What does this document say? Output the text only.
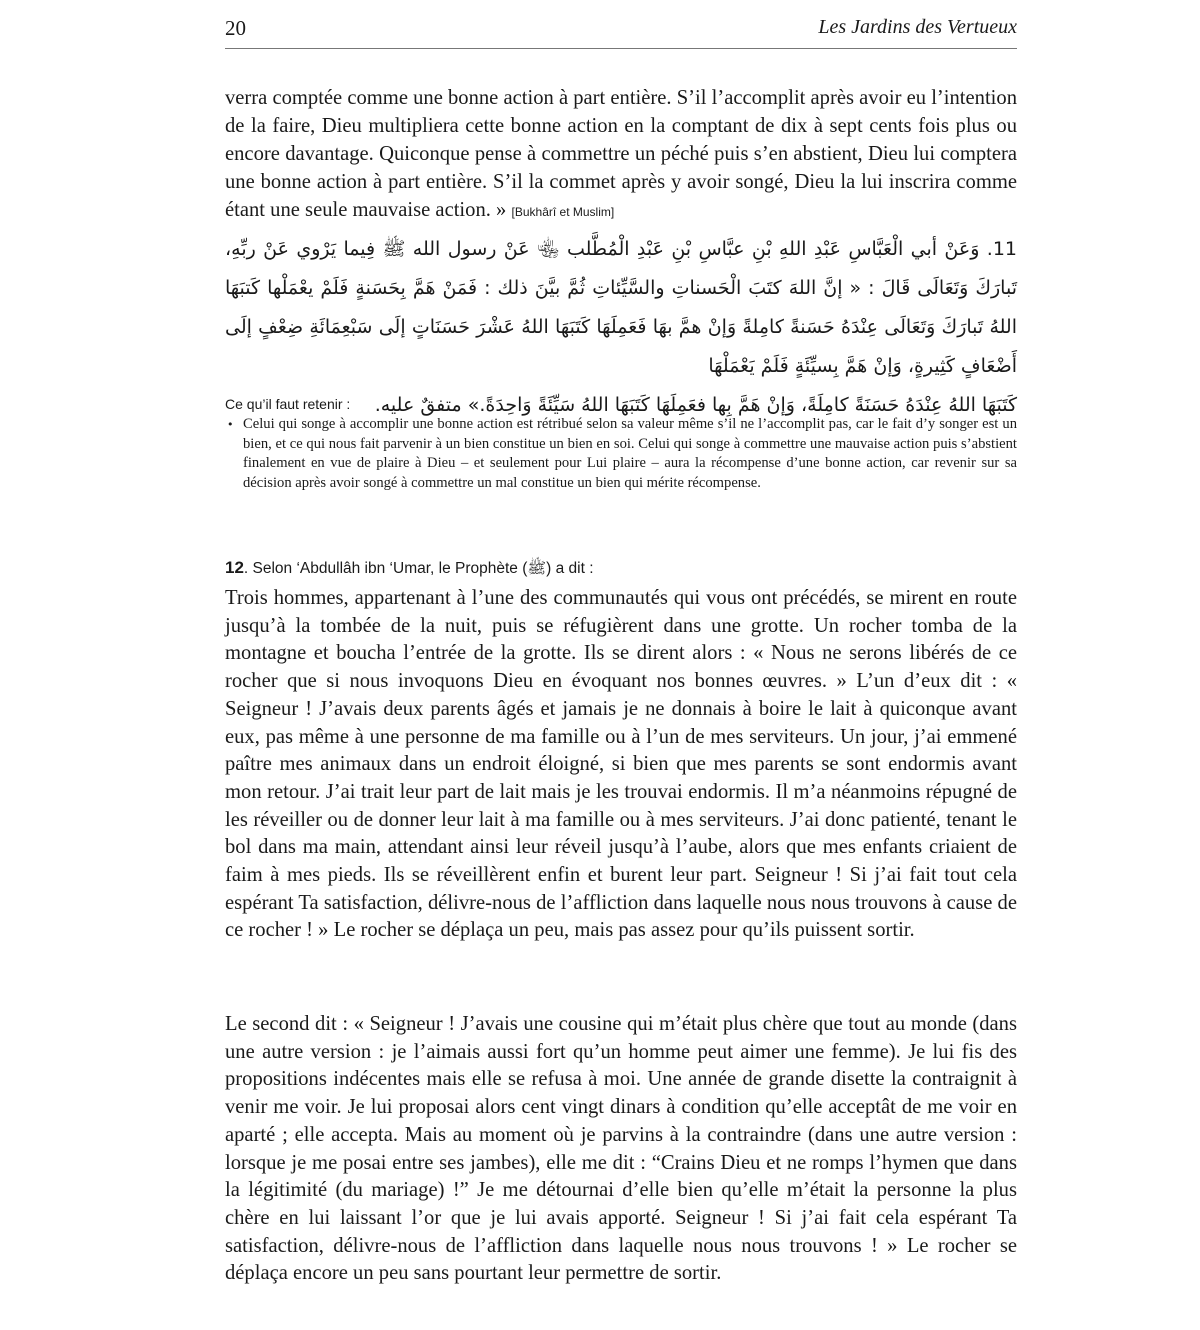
20	Les Jardins des Vertueux

verra comptée comme une bonne action à part entière. S’il l’accomplit après avoir eu l’intention de la faire, Dieu multipliera cette bonne action en la comptant de dix à sept cents fois plus ou encore davantage. Quiconque pense à commettre un péché puis s’en abstient, Dieu lui comptera une bonne action à part entière. S’il la commet après y avoir songé, Dieu la lui inscrira comme étant une seule mauvaise action. » [Bukhârî et Muslim]

11. وَعَنْ أبي الْعَبَّاسِ عَبْدِ اللهِ بْنِ عبَّاسِ بْنِ عَبْدِ الْمُطَّلب ﵄ عَنْ رسول الله ﷺ فِيما يَرْوي عَنْ ربِّهِ، تَبارَكَ وَتَعَالَى قَالَ : « إنَّ اللهَ كتَبَ الْحَسناتِ والسَّيِّئاتِ ثُمَّ بيَّنَ ذلك : فَمَنْ هَمَّ بِحَسَنةٍ فَلَمْ يعْمَلْها كَتبَهَا اللهُ تَبارَكَ وَتَعَالَى عِنْدَهُ حَسَنةً كامِلةً وَإنْ همَّ بهَا فَعَمِلَهَا كَتَبَهَا اللهُ عَشْرَ حَسَنَاتٍ إلَى سَبْعِمَائَةِ ضِعْفٍ إلَى أَضْعَافٍ كَثِيرةٍ، وَإنْ هَمَّ بِسيِّئَةٍ فَلَمْ يَعْمَلْهَا
كَتَبَهَا اللهُ عِنْدَهُ حَسَنَةً كامِلَةً، وَإنْ هَمَّ بِها فعَمِلَهَا كَتَبَهَا اللهُ سَيِّئَةً وَاحِدَةً.» متفقٌ عليه.
Ce qu’il faut retenir :
• Celui qui songe à accomplir une bonne action est rétribué selon sa valeur même s’il ne l’accomplit pas, car le fait d’y songer est un bien, et ce qui nous fait parvenir à un bien constitue un bien en soi. Celui qui songe à commettre une mauvaise action puis s’abstient finalement en vue de plaire à Dieu – et seulement pour Lui plaire – aura la récompense d’une bonne action, car revenir sur sa décision après avoir songé à commettre un mal constitue un bien qui mérite récompense.
12. Selon ‘Abdullâh ibn ‘Umar, le Prophète (ﷺ) a dit :

Trois hommes, appartenant à l’une des communautés qui vous ont précédés, se mirent en route jusqu’à la tombée de la nuit, puis se réfugièrent dans une grotte. Un rocher tomba de la montagne et boucha l’entrée de la grotte. Ils se dirent alors : « Nous ne serons libérés de ce rocher que si nous invoquons Dieu en évoquant nos bonnes œuvres. » L’un d’eux dit : « Seigneur ! J’avais deux parents âgés et jamais je ne donnais à boire le lait à quiconque avant eux, pas même à une personne de ma famille ou à l’un de mes serviteurs. Un jour, j’ai emmené paître mes animaux dans un endroit éloigné, si bien que mes parents se sont endormis avant mon retour. J’ai trait leur part de lait mais je les trouvai endormis. Il m’a néanmoins répugné de les réveiller ou de donner leur lait à ma famille ou à mes serviteurs. J’ai donc patienté, tenant le bol dans ma main, attendant ainsi leur réveil jusqu’à l’aube, alors que mes enfants criaient de faim à mes pieds. Ils se réveillèrent enfin et burent leur part. Seigneur ! Si j’ai fait tout cela espérant Ta satisfaction, délivre-nous de l’affliction dans laquelle nous nous trouvons à cause de ce rocher ! » Le rocher se déplaça un peu, mais pas assez pour qu’ils puissent sortir.

Le second dit : « Seigneur ! J’avais une cousine qui m’était plus chère que tout au monde (dans une autre version : je l’aimais aussi fort qu’un homme peut aimer une femme). Je lui fis des propositions indécentes mais elle se refusa à moi. Une année de grande disette la contraignit à venir me voir. Je lui proposai alors cent vingt dinars à condition qu’elle acceptât de me voir en aparté ; elle accepta. Mais au moment où je parvins à la contraindre (dans une autre version : lorsque je me posai entre ses jambes), elle me dit : “Crains Dieu et ne romps l’hymen que dans la légitimité (du mariage) !” Je me détournai d’elle bien qu’elle m’était la personne la plus chère en lui laissant l’or que je lui avais apporté. Seigneur ! Si j’ai fait cela espérant Ta satisfaction, délivre-nous de l’affliction dans laquelle nous nous trouvons ! » Le rocher se déplaça encore un peu sans pourtant leur permettre de sortir.
